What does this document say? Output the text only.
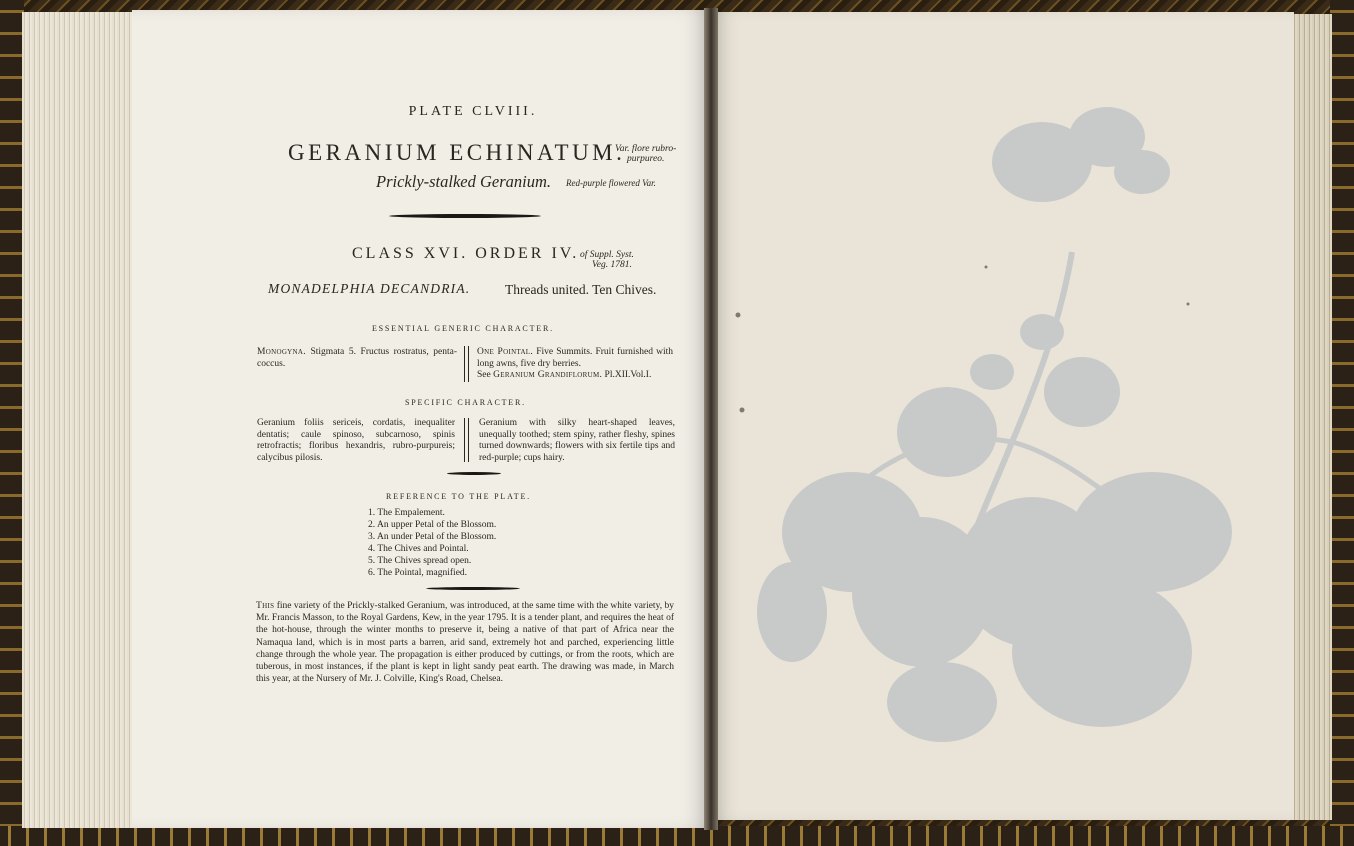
PLATE CLVIII.
GERANIUM ECHINATUM.
Var. flore rubro-
purpureo.
Prickly-stalked Geranium. Red-purple flowered Var.
CLASS XVI. ORDER IV. of Suppl. Syst.
Veg. 1781.
MONADELPHIA DECANDRIA.	Threads united. Ten Chives.
ESSENTIAL GENERIC CHARACTER.
Monogyna. Stigmata 5. Fructus rostratus, penta-coccus.
One Pointal. Five Summits. Fruit furnished with long awns, five dry berries.
See Geranium Grandiflorum. Pl.XII.Vol.I.
SPECIFIC CHARACTER.
Geranium foliis sericeis, cordatis, inequaliter dentatis; caule spinoso, subcarnoso, spinis retrofractis; floribus hexandris, rubro-purpureis; calycibus pilosis.
Geranium with silky heart-shaped leaves, unequally toothed; stem spiny, rather fleshy, spines turned downwards; flowers with six fertile tips and red-purple; cups hairy.
REFERENCE TO THE PLATE.
1. The Empalement.
2. An upper Petal of the Blossom.
3. An under Petal of the Blossom.
4. The Chives and Pointal.
5. The Chives spread open.
6. The Pointal, magnified.
This fine variety of the Prickly-stalked Geranium, was introduced, at the same time with the white variety, by Mr. Francis Masson, to the Royal Gardens, Kew, in the year 1795. It is a tender plant, and requires the heat of the hot-house, through the winter months to preserve it, being a native of that part of Africa near the Namaqua land, which is in most parts a barren, arid sand, extremely hot and parched, experiencing little change through the whole year. The propagation is either produced by cuttings, or from the roots, which are tuberous, in most instances, if the plant is kept in light sandy peat earth. The drawing was made, in March this year, at the Nursery of Mr. J. Colville, King's Road, Chelsea.
